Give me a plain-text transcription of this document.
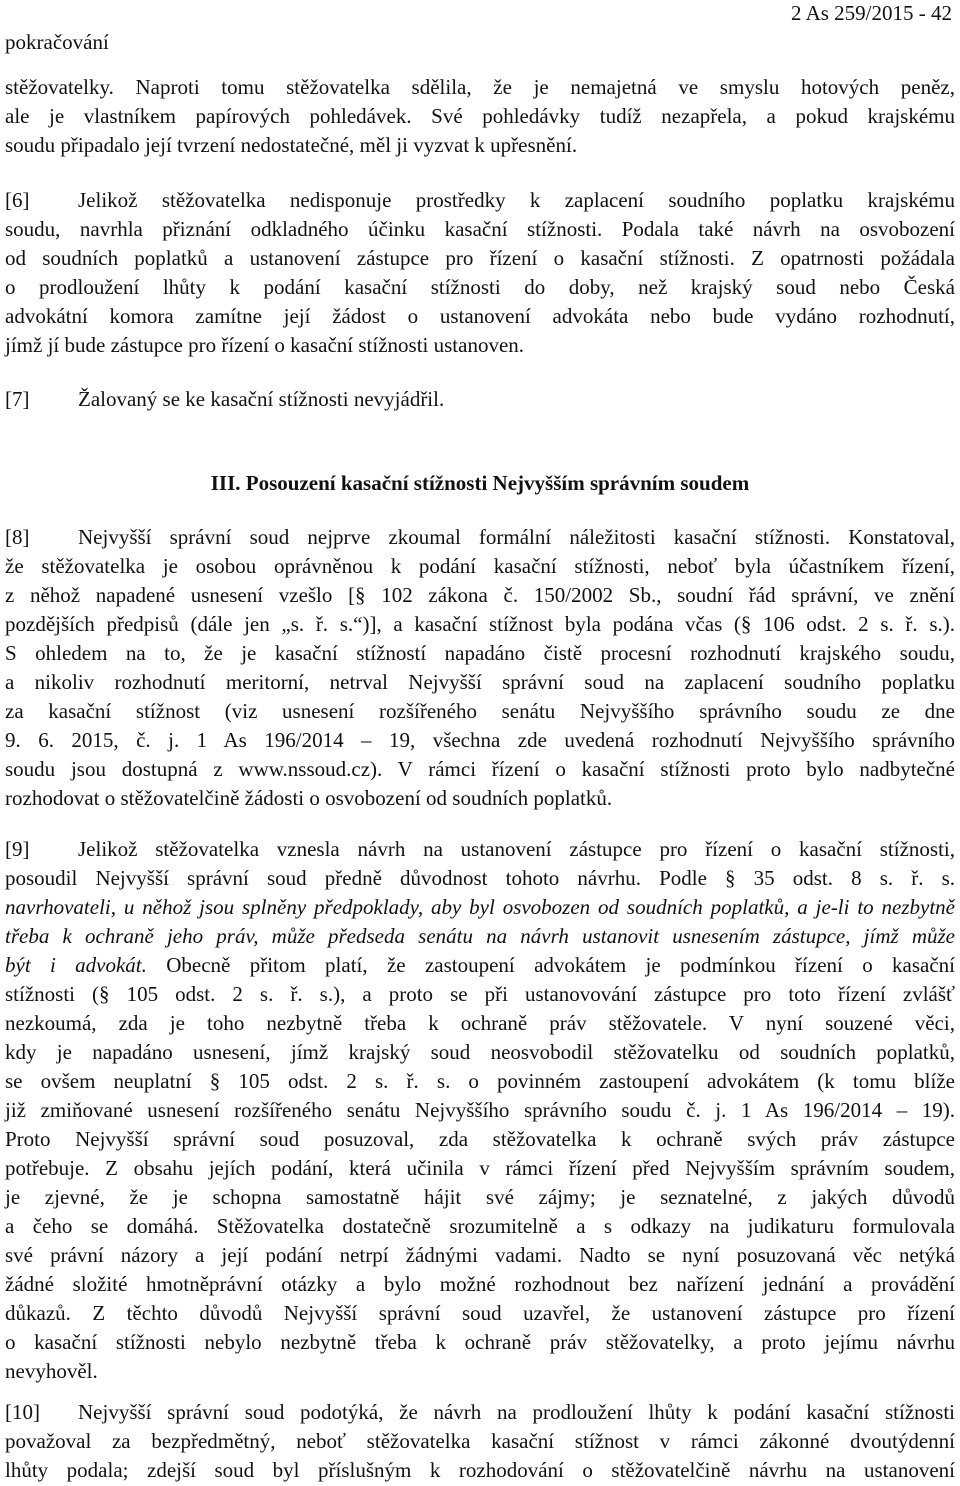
pokračování
2 As 259/2015 - 42
stěžovatelky. Naproti tomu stěžovatelka sdělila, že je nemajetná ve smyslu hotových peněz,
ale je vlastníkem papírových pohledávek. Své pohledávky tudíž nezapřela, a pokud krajskému
soudu připadalo její tvrzení nedostatečné, měl ji vyzvat k upřesnění.
[6]	Jelikož stěžovatelka nedisponuje prostředky k zaplacení soudního poplatku krajskému
soudu, navrhla přiznání odkladného účinku kasační stížnosti. Podala také návrh na osvobození
od soudních poplatků a ustanovení zástupce pro řízení o kasační stížnosti. Z opatrnosti požádala
o prodloužení lhůty k podání kasační stížnosti do doby, než krajský soud nebo Česká
advokátní komora zamítne její žádost o ustanovení advokáta nebo bude vydáno rozhodnutí,
jímž jí bude zástupce pro řízení o kasační stížnosti ustanoven.
[7]	Žalovaný se ke kasační stížnosti nevyjádřil.
III. Posouzení kasační stížnosti Nejvyšším správním soudem
[8]	Nejvyšší správní soud nejprve zkoumal formální náležitosti kasační stížnosti. Konstatoval,
že stěžovatelka je osobou oprávněnou k podání kasační stížnosti, neboť byla účastníkem řízení,
z něhož napadené usnesení vzešlo [§ 102 zákona č. 150/2002 Sb., soudní řád správní, ve znění
pozdějších předpisů (dále jen „s. ř. s.“)], a kasační stížnost byla podána včas (§ 106 odst. 2 s. ř. s.).
S ohledem na to, že je kasační stížností napadáno čistě procesní rozhodnutí krajského soudu,
a nikoliv rozhodnutí meritorní, netrval Nejvyšší správní soud na zaplacení soudního poplatku
za kasační stížnost (viz usnesení rozšířeného senátu Nejvyššího správního soudu ze dne
9. 6. 2015, č. j. 1 As 196/2014 – 19, všechna zde uvedená rozhodnutí Nejvyššího správního
soudu jsou dostupná z www.nssoud.cz). V rámci řízení o kasační stížnosti proto bylo nadbytečné
rozhodovat o stěžovatelčině žádosti o osvobození od soudních poplatků.
[9]	Jelikož stěžovatelka vznesla návrh na ustanovení zástupce pro řízení o kasační stížnosti,
posoudil Nejvyšší správní soud předně důvodnost tohoto návrhu. Podle § 35 odst. 8 s. ř. s.
navrhovateli, u něhož jsou splněny předpoklady, aby byl osvobozen od soudních poplatků, a je-li to nezbytně
třeba k ochraně jeho práv, může předseda senátu na návrh ustanovit usnesením zástupce, jímž může
být i advokát. Obecně přitom platí, že zastoupení advokátem je podmínkou řízení o kasační
stížnosti (§ 105 odst. 2 s. ř. s.), a proto se při ustanovování zástupce pro toto řízení zvlášť
nezkoumá, zda je toho nezbytně třeba k ochraně práv stěžovatele. V nyní souzené věci,
kdy je napadáno usnesení, jímž krajský soud neosvobodil stěžovatelku od soudních poplatků,
se ovšem neuplatní § 105 odst. 2 s. ř. s. o povinném zastoupení advokátem (k tomu blíže
již zmiňované usnesení rozšířeného senátu Nejvyššího správního soudu č. j. 1 As 196/2014 – 19).
Proto Nejvyšší správní soud posuzoval, zda stěžovatelka k ochraně svých práv zástupce
potřebuje. Z obsahu jejích podání, která učinila v rámci řízení před Nejvyšším správním soudem,
je zjevné, že je schopna samostatně hájit své zájmy; je seznatelné, z jakých důvodů
a čeho se domáhá. Stěžovatelka dostatečně srozumitelně a s odkazy na judikaturu formulovala
své právní názory a její podání netrpí žádnými vadami. Nadto se nyní posuzovaná věc netýká
žádné složité hmotněprávní otázky a bylo možné rozhodnout bez nařízení jednání a provádění
důkazů. Z těchto důvodů Nejvyšší správní soud uzavřel, že ustanovení zástupce pro řízení
o kasační stížnosti nebylo nezbytně třeba k ochraně práv stěžovatelky, a proto jejímu návrhu
nevyhověl.
[10]	Nejvyšší správní soud podotýká, že návrh na prodloužení lhůty k podání kasační stížnosti
považoval za bezpředmětný, neboť stěžovatelka kasační stížnost v rámci zákonné dvoutýdenní
lhůty podala; zdejší soud byl příslušným k rozhodování o stěžovatelčině návrhu na ustanovení
